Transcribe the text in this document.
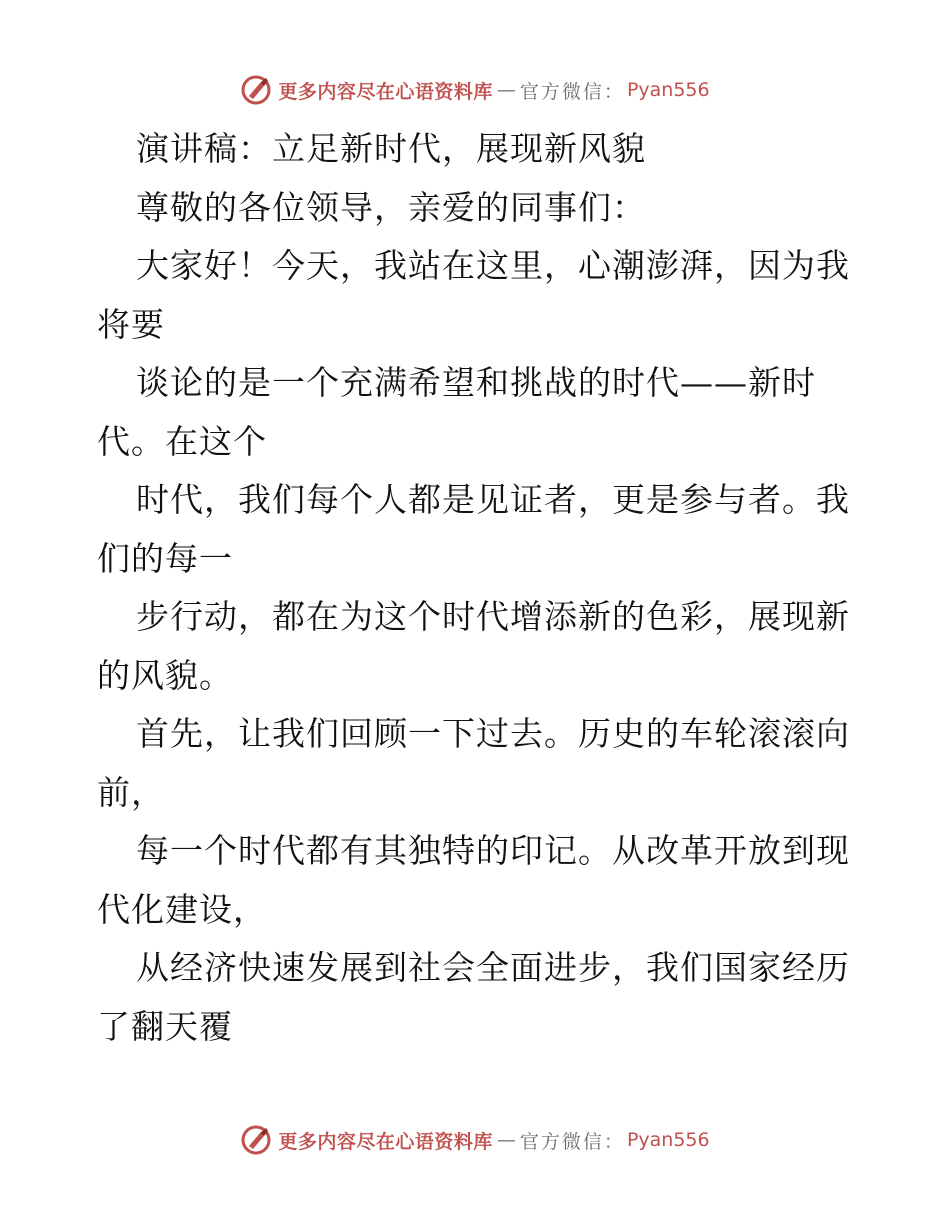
更多内容尽在心语资料库 — 官方微信： Pyan556
演讲稿：立足新时代，展现新风貌
尊敬的各位领导，亲爱的同事们：
大家好！今天，我站在这里，心潮澎湃，因为我
将要
谈论的是一个充满希望和挑战的时代——新时
代。在这个
时代，我们每个人都是见证者，更是参与者。我
们的每一
步行动，都在为这个时代增添新的色彩，展现新
的风貌。
首先，让我们回顾一下过去。历史的车轮滚滚向
前，
每一个时代都有其独特的印记。从改革开放到现
代化建设，
从经济快速发展到社会全面进步，我们国家经历
了翻天覆
更多内容尽在心语资料库 — 官方微信： Pyan556
